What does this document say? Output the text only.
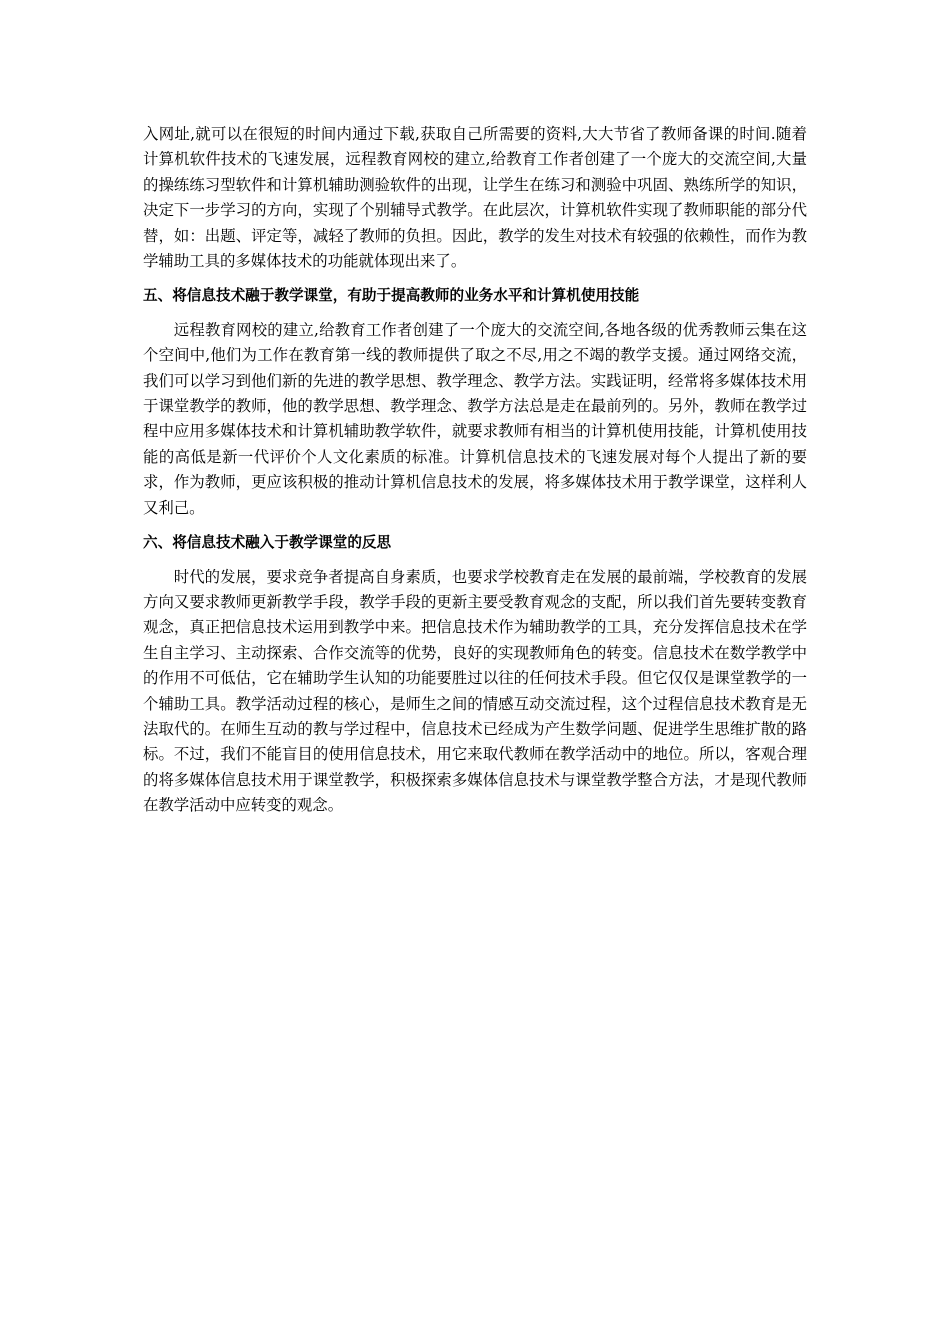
入网址,就可以在很短的时间内通过下载,获取自己所需要的资料,大大节省了教师备课的时间.随着计算机软件技术的飞速发展，远程教育网校的建立,给教育工作者创建了一个庞大的交流空间,大量的操练练习型软件和计算机辅助测验软件的出现，让学生在练习和测验中巩固、熟练所学的知识，决定下一步学习的方向，实现了个别辅导式教学。在此层次，计算机软件实现了教师职能的部分代替，如：出题、评定等，减轻了教师的负担。因此，教学的发生对技术有较强的依赖性，而作为教学辅助工具的多媒体技术的功能就体现出来了。

五、将信息技术融于教学课堂，有助于提高教师的业务水平和计算机使用技能

远程教育网校的建立,给教育工作者创建了一个庞大的交流空间,各地各级的优秀教师云集在这个空间中,他们为工作在教育第一线的教师提供了取之不尽,用之不竭的教学支援。通过网络交流，我们可以学习到他们新的先进的教学思想、教学理念、教学方法。实践证明，经常将多媒体技术用于课堂教学的教师，他的教学思想、教学理念、教学方法总是走在最前列的。另外，教师在教学过程中应用多媒体技术和计算机辅助教学软件，就要求教师有相当的计算机使用技能，计算机使用技能的高低是新一代评价个人文化素质的标准。计算机信息技术的飞速发展对每个人提出了新的要求，作为教师，更应该积极的推动计算机信息技术的发展，将多媒体技术用于教学课堂，这样利人又利己。

六、将信息技术融入于教学课堂的反思

时代的发展，要求竞争者提高自身素质，也要求学校教育走在发展的最前端，学校教育的发展方向又要求教师更新教学手段，教学手段的更新主要受教育观念的支配，所以我们首先要转变教育观念，真正把信息技术运用到教学中来。把信息技术作为辅助教学的工具，充分发挥信息技术在学生自主学习、主动探索、合作交流等的优势，良好的实现教师角色的转变。信息技术在数学教学中的作用不可低估，它在辅助学生认知的功能要胜过以往的任何技术手段。但它仅仅是课堂教学的一个辅助工具。教学活动过程的核心，是师生之间的情感互动交流过程，这个过程信息技术教育是无法取代的。在师生互动的教与学过程中，信息技术已经成为产生数学问题、促进学生思维扩散的路标。不过，我们不能盲目的使用信息技术，用它来取代教师在教学活动中的地位。所以，客观合理的将多媒体信息技术用于课堂教学，积极探索多媒体信息技术与课堂教学整合方法，才是现代教师在教学活动中应转变的观念。
